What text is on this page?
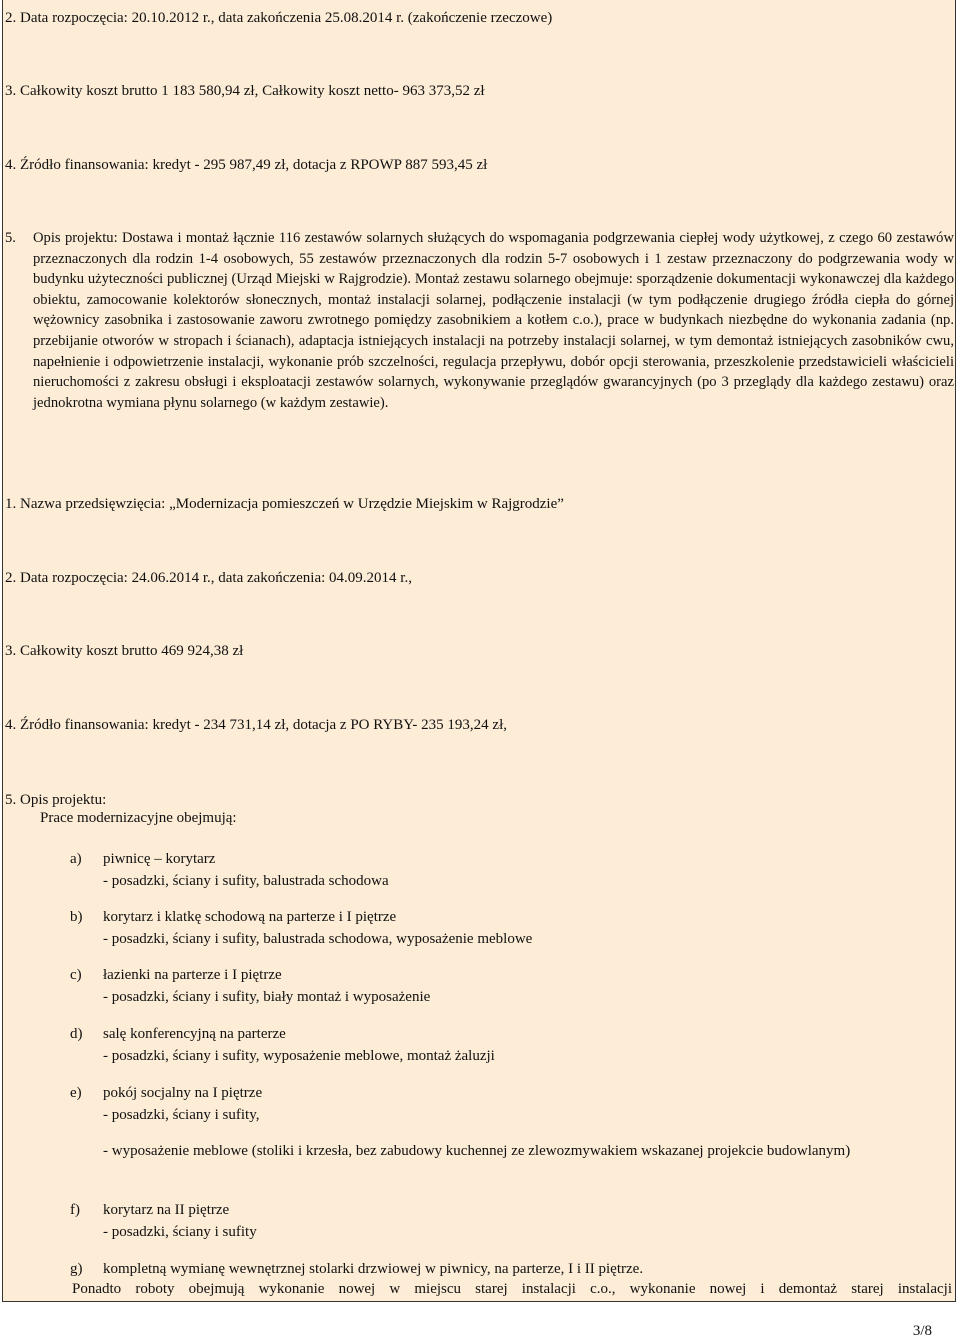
2. Data rozpoczęcia: 20.10.2012 r., data zakończenia 25.08.2014 r. (zakończenie rzeczowe)
3. Całkowity koszt brutto 1 183 580,94 zł, Całkowity koszt netto- 963 373,52 zł
4. Źródło finansowania: kredyt - 295 987,49 zł, dotacja z RPOWP 887 593,45 zł
5. Opis projektu: Dostawa i montaż łącznie 116 zestawów solarnych służących do wspomagania podgrzewania ciepłej wody użytkowej, z czego 60 zestawów przeznaczonych dla rodzin 1-4 osobowych, 55 zestawów przeznaczonych dla rodzin 5-7 osobowych i 1 zestaw przeznaczony do podgrzewania wody w budynku użyteczności publicznej (Urząd Miejski w Rajgrodzie). Montaż zestawu solarnego obejmuje: sporządzenie dokumentacji wykonawczej dla każdego obiektu, zamocowanie kolektorów słonecznych, montaż instalacji solarnej, podłączenie instalacji (w tym podłączenie drugiego źródła ciepła do górnej wężownicy zasobnika i zastosowanie zaworu zwrotnego pomiędzy zasobnikiem a kotłem c.o.), prace w budynkach niezbędne do wykonania zadania (np. przebijanie otworów w stropach i ścianach), adaptacja istniejących instalacji na potrzeby instalacji solarnej, w tym demontaż istniejących zasobników cwu, napełnienie i odpowietrzenie instalacji, wykonanie prób szczelności, regulacja przepływu, dobór opcji sterowania, przeszkolenie przedstawicieli właścicieli nieruchomości z zakresu obsługi i eksploatacji zestawów solarnych, wykonywanie przeglądów gwarancyjnych (po 3 przeglądy dla każdego zestawu) oraz jednokrotna wymiana płynu solarnego (w każdym zestawie).
1. Nazwa przedsięwzięcia: „Modernizacja pomieszczeń w Urzędzie Miejskim w Rajgrodzie”
2. Data rozpoczęcia: 24.06.2014 r., data zakończenia: 04.09.2014 r.,
3. Całkowity koszt brutto 469 924,38 zł
4. Źródło finansowania: kredyt - 234 731,14 zł, dotacja z PO RYBY- 235 193,24 zł,
5. Opis projektu:
Prace modernizacyjne obejmują:
a) piwnicę – korytarz
- posadzki, ściany i sufity, balustrada schodowa
b) korytarz i klatkę schodową na parterze i I piętrze
- posadzki, ściany i sufity, balustrada schodowa, wyposażenie meblowe
c) łazienki na parterze i I piętrze
- posadzki, ściany i sufity, biały montaż i wyposażenie
d) salę konferencyjną na parterze
- posadzki, ściany i sufity, wyposażenie meblowe, montaż żaluzji
e) pokój socjalny na I piętrze
- posadzki, ściany i sufity,
- wyposażenie meblowe (stoliki i krzesła, bez zabudowy kuchennej ze zlewozmywakiem wskazanej projekcie budowlanym)
f) korytarz na II piętrze
- posadzki, ściany i sufity
g) kompletną wymianę wewnętrznej stolarki drzwiowej w piwnicy, na parterze, I i II piętrze.
Ponadto roboty obejmują wykonanie nowej w miejscu starej instalacji c.o., wykonanie nowej i demontaż starej instalacji
3/8
